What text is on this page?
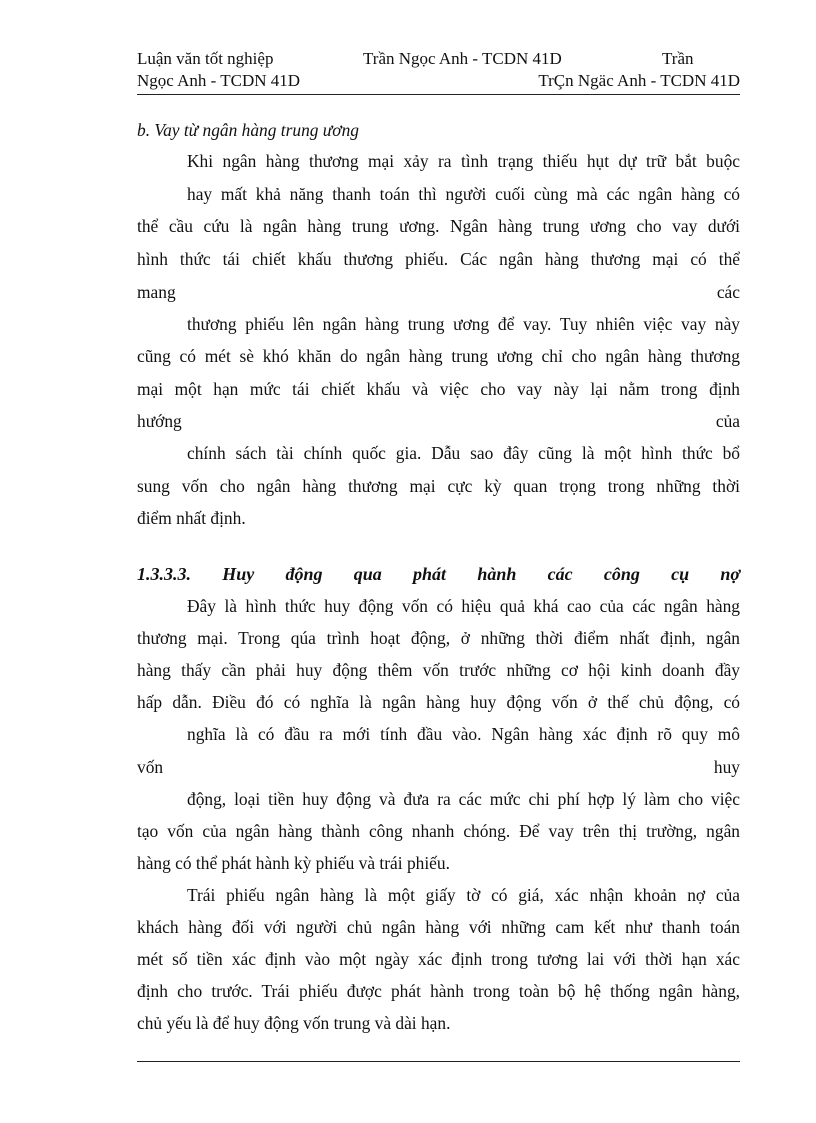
Luận văn tốt nghiệp	Trần Ngọc Anh - TCDN 41D	Trần
Ngọc Anh - TCDN 41D	TrÇn Ngäc Anh - TCDN 41D
b. Vay từ ngân hàng trung ương
Khi ngân hàng thương mại xảy ra tình trạng thiếu hụt dự trữ bắt buộc
hay mất khả năng thanh toán thì người cuối cùng mà các ngân hàng có
thể cầu cứu là ngân hàng trung ương. Ngân hàng trung ương cho vay dưới
hình thức tái chiết khấu thương phiếu. Các ngân hàng thương mại có thể
mang	các
thương phiếu lên ngân hàng trung ương để vay. Tuy nhiên việc vay này
cũng có mét sè khó khăn do ngân hàng trung ương chỉ cho ngân hàng thương
mại một hạn mức tái chiết khấu và việc cho vay này lại nằm trong định
hướng	của
chính sách tài chính quốc gia. Dẫu sao đây cũng là một hình thức bổ
sung vốn cho ngân hàng thương mại cực kỳ quan trọng trong những thời
điểm nhất định.
1.3.3.3. Huy động qua phát hành các công cụ nợ
Đây là hình thức huy động vốn có hiệu quả khá cao của các ngân hàng
thương mại. Trong qúa trình hoạt động, ở những thời điểm nhất định, ngân
hàng thấy cần phải huy động thêm vốn trước những cơ hội kinh doanh đầy
hấp dẫn. Điều đó có nghĩa là ngân hàng huy động vốn ở thế chủ động, có
nghĩa là có đầu ra mới tính đầu vào. Ngân hàng xác định rõ quy mô
vốn	huy
động, loại tiền huy động và đưa ra các mức chi phí hợp lý làm cho việc
tạo vốn của ngân hàng thành công nhanh chóng. Để vay trên thị trường, ngân
hàng có thể phát hành kỳ phiếu và trái phiếu.
Trái phiếu ngân hàng là một giấy tờ có giá, xác nhận khoản nợ của
khách hàng đối với người chủ ngân hàng với những cam kết như thanh toán
mét số tiền xác định vào một ngày xác định trong tương lai với thời hạn xác
định cho trước. Trái phiếu được phát hành trong toàn bộ hệ thống ngân hàng,
chủ yếu là để huy động vốn trung và dài hạn.
